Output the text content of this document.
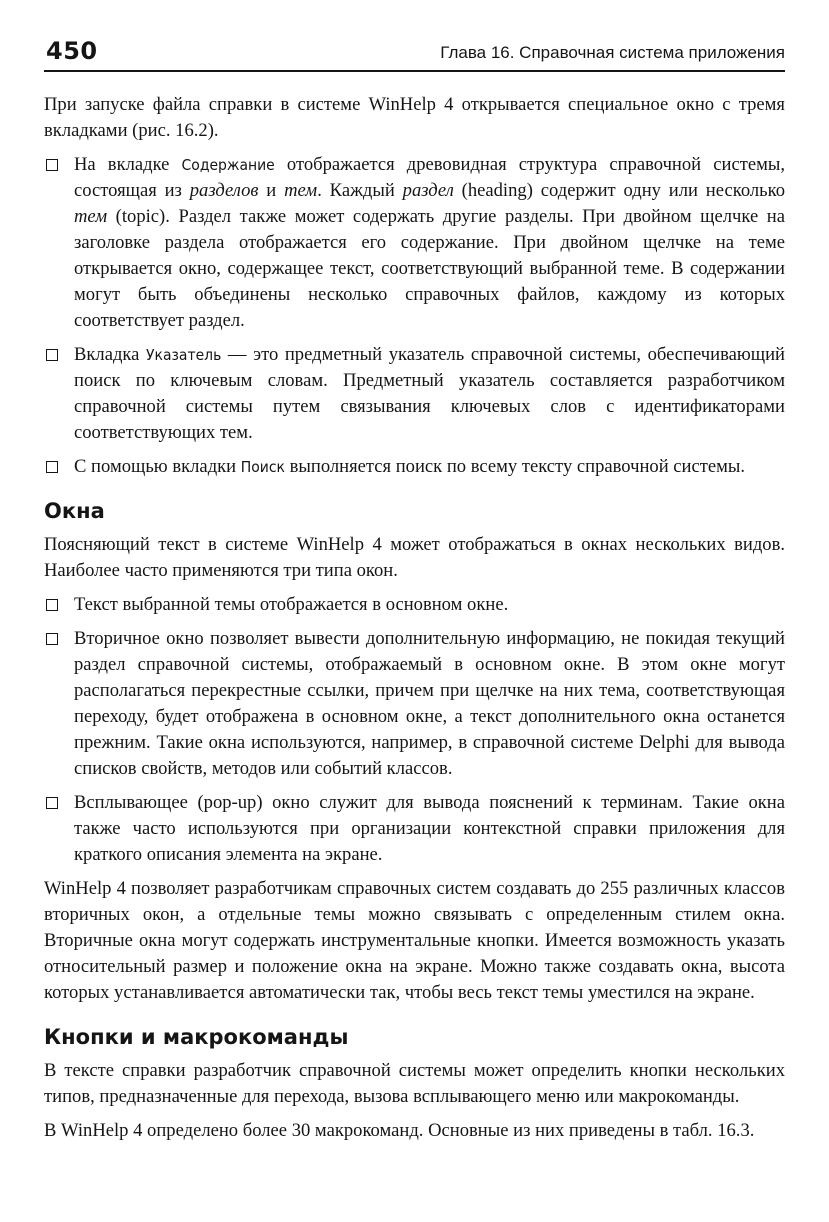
450	Глава 16. Справочная система приложения

При запуске файла справки в системе WinHelp 4 открывается специальное окно с тремя вкладками (рис. 16.2).

На вкладке Содержание отображается древовидная структура справочной системы, состоящая из разделов и тем. Каждый раздел (heading) содержит одну или несколько тем (topic). Раздел также может содержать другие разделы. При двойном щелчке на заголовке раздела отображается его содержание. При двойном щелчке на теме открывается окно, содержащее текст, соответствующий выбранной теме. В содержании могут быть объединены несколько справочных файлов, каждому из которых соответствует раздел.
Вкладка Указатель — это предметный указатель справочной системы, обеспечивающий поиск по ключевым словам. Предметный указатель составляется разработчиком справочной системы путем связывания ключевых слов с идентификаторами соответствующих тем.
С помощью вкладки Поиск выполняется поиск по всему тексту справочной системы.
Окна

Поясняющий текст в системе WinHelp 4 может отображаться в окнах нескольких видов. Наиболее часто применяются три типа окон.

Текст выбранной темы отображается в основном окне.
Вторичное окно позволяет вывести дополнительную информацию, не покидая текущий раздел справочной системы, отображаемый в основном окне. В этом окне могут располагаться перекрестные ссылки, причем при щелчке на них тема, соответствующая переходу, будет отображена в основном окне, а текст дополнительного окна останется прежним. Такие окна используются, например, в справочной системе Delphi для вывода списков свойств, методов или событий классов.
Всплывающее (pop-up) окно служит для вывода пояснений к терминам. Такие окна также часто используются при организации контекстной справки приложения для краткого описания элемента на экране.

WinHelp 4 позволяет разработчикам справочных систем создавать до 255 различных классов вторичных окон, а отдельные темы можно связывать с определенным стилем окна. Вторичные окна могут содержать инструментальные кнопки. Имеется возможность указать относительный размер и положение окна на экране. Можно также создавать окна, высота которых устанавливается автоматически так, чтобы весь текст темы уместился на экране.

Кнопки и макрокоманды

В тексте справки разработчик справочной системы может определить кнопки нескольких типов, предназначенные для перехода, вызова всплывающего меню или макрокоманды.

В WinHelp 4 определено более 30 макрокоманд. Основные из них приведены в табл. 16.3.
